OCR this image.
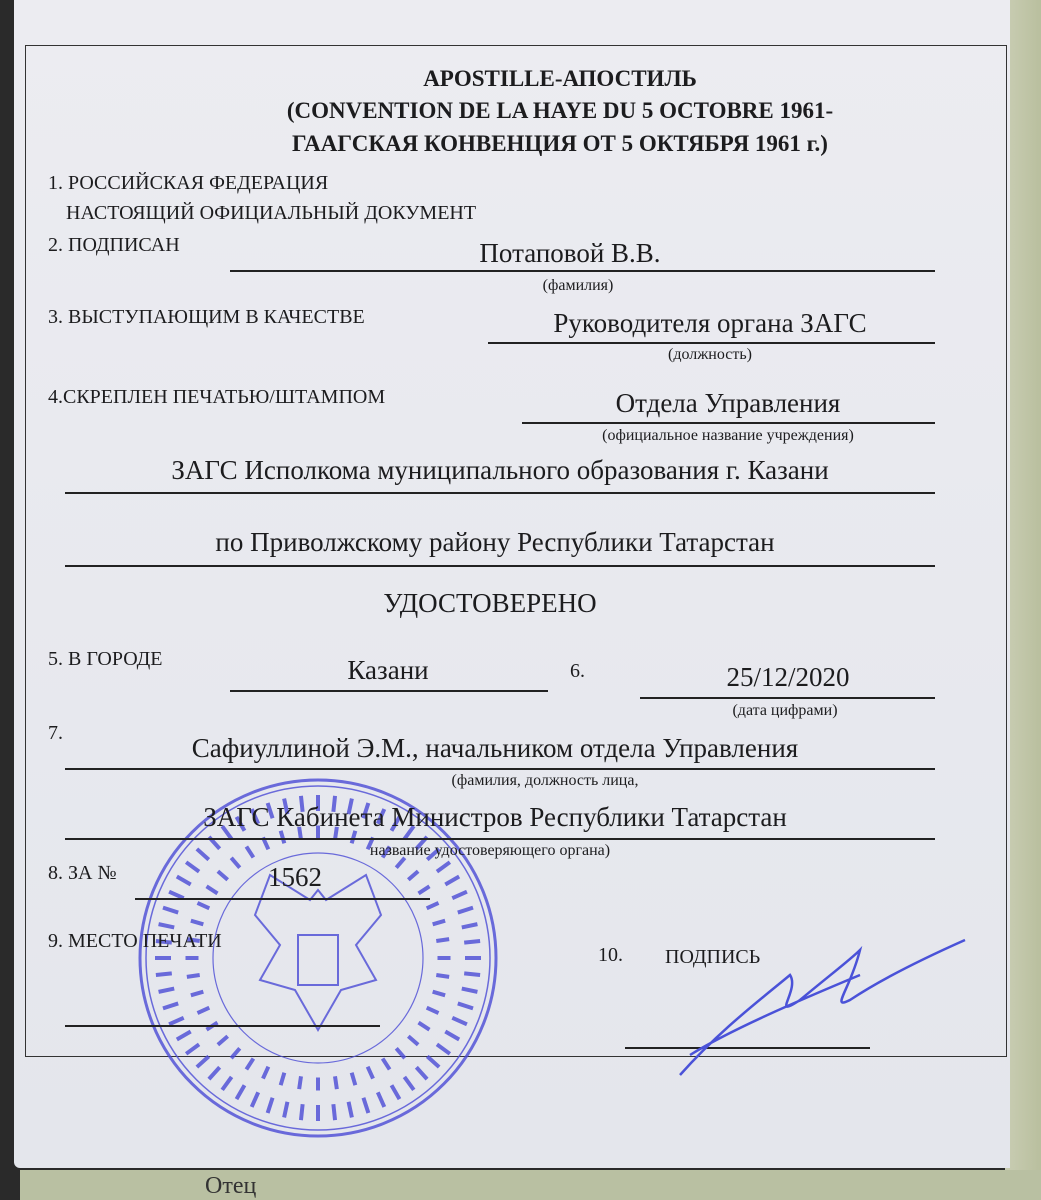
Отец
APOSTILLE-АПОСТИЛЬ
(CONVENTION DE LA HAYE DU 5 OCTOBRE 1961-
ГААГСКАЯ КОНВЕНЦИЯ ОТ 5 ОКТЯБРЯ 1961 г.)
1. РОССИЙСКАЯ ФЕДЕРАЦИЯ
НАСТОЯЩИЙ ОФИЦИАЛЬНЫЙ ДОКУМЕНТ
2. ПОДПИСАН	Потаповой В.В.
(фамилия)
3. ВЫСТУПАЮЩИМ В КАЧЕСТВЕ	Руководителя органа ЗАГС
(должность)
4.СКРЕПЛЕН ПЕЧАТЬЮ/ШТАМПОМ	Отдела Управления
(официальное название учреждения)
ЗАГС Исполкома муниципального образования г. Казани
по Приволжскому району Республики Татарстан
УДОСТОВЕРЕНО
5. В ГОРОДЕ	Казани	6.	25/12/2020
(дата цифрами)
7.	Сафиуллиной Э.М., начальником отдела Управления
(фамилия, должность лица,
ЗАГС Кабинета Министров Республики Татарстан
название удостоверяющего органа)
8. ЗА №	1562
9. МЕСТО ПЕЧАТИ
10. ПОДПИСЬ
